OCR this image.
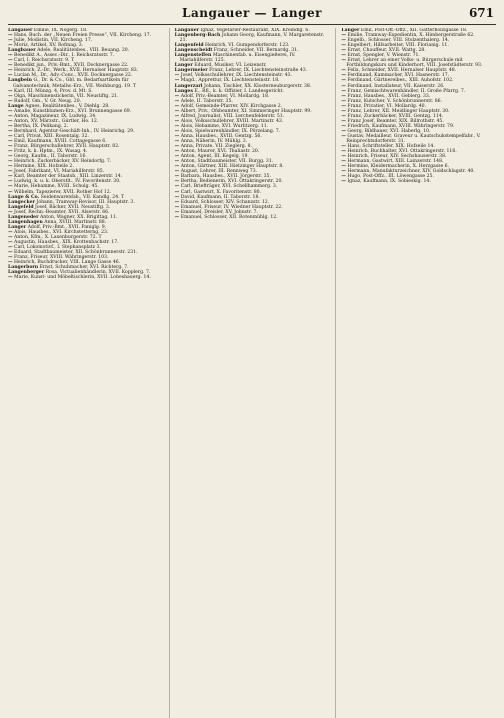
Langauer — Langer	671

Langauer Emilie, IX. Nögerg. 18.

— Hans, Buch. der „Neuen Freien Presse“, VII. Kircheng. 17.

— Julie, Modistin, VII. Kircheng. 17.

— Moriz, Artikel, XV. Rofinag. 3.

Langbauer Adele, Realitätenbes., VIII. Beuang. 20.

— Benedikt A., Assec.-Dir., I. Reichsratsstr. 7.

— Carl, I. Reichsratsstr. 9. T

— Benedikt jun., Priv.-Bmt., XVII. Docknergasse 22.

— Heinrich, Z.-Dr., Werk., XVII. Hernalser Hauptstr. 83.

— Lucian M., Dr., Adv.-Conc., XVII. Docknergasse 22.

Langbein G., Dr. & Co., Gbl. m. Bedarfsartikeln für Galvanotechnik, Metallw.-Erz., VII. Weihburgg. 19. T

— Karl, III. Münzg. 4, Prov. d. Mt. S.

— Olga, Maschinenstickerin, VII. Neustiftg. 21.

— Rudolf, Gm., V. Gr. Neug. 20.

Lange Agnes, Realitätenbes., V. Diehlg. 28.

— Amalie, Kunstblumen-Erz., XVI. Brunnengasse 69.

— Anton, Magazineur, IX. Ludwig. 34.

— Anton, XV. Märzstr., Gürtler, Ho. 12.

— Bertha, IX. Pelikang. 2.

— Bernhard, Agentur-Geschäft-Inh., IV. Heinrichg. 29.

— Carl, Privat, XIII. Rosentalg. 32.

— Emil, Kaufmann, XVIII. Cottagegasse 6.

— Franz, Bürgerschullehrer, XVII. Hauptstr. 82.

— Fritz, k. k. Hptm., IX. Wasag. 4.

— Georg, Kaufm., II. Taborstr. 16.

— Heinrich, Zuckerbäcker, XV. Reindorfg. 7.

— Hermine, XIX. Hofzeile 2.

— Josef, Fabrikant, VI. Mariahilferstr. 85.

— Karl, Beamter der Staatsb., XIII. Linzerstr. 14.

— Ludwig, k. u. k. Oberstlt., IV. Favoritenstr. 30.

— Marie, Hebamme, XVIII. Schulg. 45.

— Wilhelm, Tapezierer, XVII. Rother Hof 12.

Lange & Co. Seidenwarenfab., VII. Kandlg. 24. T

Langecker Johann, Tramway-Revisor, III. Hauptstr. 3.

Langefeld Josef, Bäcker, XVII. Neustiftg. 3.

— Josef, Rechn.-Beamter, XVII. Alserstr. 66.

Langeneder Anton, Wagner, XX. Brigittag. 11.

Langenhagen Anna, XVIII. Martinstr. 88.

Langer Adolf, Priv.-Bmt., XVII. Paniglg. 9.

— Alois, Hausbes., XVI. Kirchstetterng. 23.

— Anton, Kfm., X. Laxenburgerstr. 72. T

— Augustin, Hausbes., XIX. Krottenbachstr. 17.

— Carl, Lokomotivf., I. Stephansplatz 3.

— Eduard, Stadtbaumeister, XII. Schönbrunnerstr. 231.

— Franz, Friseur, XVIII. Währingerstr. 103.

— Heinrich, Buchdrucker, VIII. Lange Gasse 46.

Langerborn Ernst, Schuhmacher, XVI. Richterg. 7.

Langenberger Rosa, Victualienhändlerin, XVII. Kopplerg. 7.

— Marie, Kunst- und Möbeltischlerin, XVII. Lobeshauerg. 14.

Langauer Ignaz, Vegetarier-Restaurant, XIX. Kreindlg. 6.

Langenberg-Bach Johann Georg, Kaufmann, V. Margaretenstr. 21.

Langenfeld Heinrich, VI. Gumpendorferstr. 123.

Langenscheidt Franz, Schneider, VII. Bernardg. 31.

Langensteffen Maschinenfab. u. Eisengießerei, IV. Mariahilferstr. 125.

Langer Eduard, Musiker, VI. Leizenstr.

Langermeier Franz, Lehrer, IX. Liechtensteinstraße 43.

— Josef, Volksschullehrer, IX. Liechtensteinstr. 43.

— Magd., Apprettur, IX. Liechtensteinstr. 18.

Langerzarl Johann, Tischler, XX. Klosterneuburgerstr. 38.

Langes E., Rfl., k. k. Offizier, I. Landesgericht.

— Adolf, Priv.-Beamter, VI. Mollardg. 18.

— Adele, II. Taborstr. 35.

— Adolf, Gemeinde-Pfarrer, XIV. Kirchgasse 2.

— Albert, Priv., Ofsbeamter, XI. Simmeringer Hauptstr. 99.

— Alfred, Journalist, VIII. Lerchenfelderstr. 51.

— Alois, Volksschullehrer, XVIII. Martinstr. 43.

— Alois, Hebamme, XVI. Wurlitzerg. 11.

— Alois, Spielwarenhändler, IX. Pörzelang. 7.

— Anna, Hausbes., XVIII. Gentzg. 56.

— Anna, Näherin, IV. Mühlg. 3.

— Anna, Private, VII. Zieglerg. 8.

— Anton, Maurer, XVI. Thaliastr. 20.

— Anton, Agent, III. Kegelg. 19.

— Anton, Stadtbaumeister, VII. Burgg. 31.

— Anton, Gärtner, XIII. Hietzinger Hauptstr. 8.

— August, Lehrer, III. Rennweg 73.

— Barbara, Hausbes., XVII. Jörgerstr. 35.

— Bertha, Bedienerin, XVI. Ottakringerstr. 20.

— Carl, Briefträger, XVI. Schellhammerg. 3.

— Carl, Gastwirt, X. Favoritenstr. 80.

— David, Kaufmann, II. Taborstr. 18.

— Eduard, Schlosser, XIV. Schanzstr. 12.

— Emanuel, Friseur, IV. Wiedner Hauptstr. 22.

— Emanuel, Dreisler, XV. Johnstr. 7.

— Emanuel, Schlosser, XII. Rotenmühlg. 12.

Langer Emil, Post-Off.-Offz., XII. Gatterhölzlgasse 18.

— Emilie, Tramway-Expedientin, X. Himbergerstraße 62.

— Engelb., Schlosser, VIII. Stolzenthalerg. 14.

— Engelbert, Hilfsarbeiter, VIII. Florianig. 11.

— Ernst, Chauffeur, XVII. Wattg. 28.

— Ernst, Spengler, V. Wienstr. 71.

— Ernst, Lehrer an einer Volks- u. Bürgerschule mit Fortbildungskurs und Kinderhort, VIII. Josefstädterstr. 93.

— Felix, Schneider, XVII. Hernalser Hauptstr. 48.

— Ferdinand, Kammacher, XVI. Hasnerstr. 17.

— Ferdinand, Gärtnereibes., XIII. Auhofstr. 102.

— Ferdinand, Installateur, VII. Kaiserstr. 26.

— Franz, Gemischtwarenhändler, II. Große Pfarrg. 7.

— Franz, Hausbes., XVII. Geblerg. 33.

— Franz, Kutscher, V. Schönbrunnerstr. 86.

— Franz, Privatier, VI. Mollardg. 40.

— Franz, Lehrer, XII. Meidlinger Hauptstr. 30.

— Franz, Zuckerbäcker, XVIII. Gentzg. 114.

— Franz Josef, Beamter, XIX. Billrothstr. 45.

— Friedrich, Kaufmann, XVIII. Währingerstr. 79.

— Georg, Bildhauer, XVI. Haberlg. 10.

— Gustav, Medailleur, Graveur u. Kautschukstempelfabr., V. Reinprechtsdorferstr. 31.

— Hans, Schriftsteller, XIX. Hofzeile 14.

— Heinrich, Buchhalter, XVI. Ottakringerstr. 116.

— Heinrich, Friseur, XIV. Sechshauserstr. 38.

— Hermann, Gastwirt, XIII. Lainzerstr. 148.

— Hermine, Kleidermacherin, X. Herzgasse 6.

— Hermann, Manufakturzeichner, XIV. Goldschlagstr. 40.

— Hugo, Post-Offz., III. Löwengasse 25.

— Ignaz, Kaufmann, IX. Sobieskig. 14.
